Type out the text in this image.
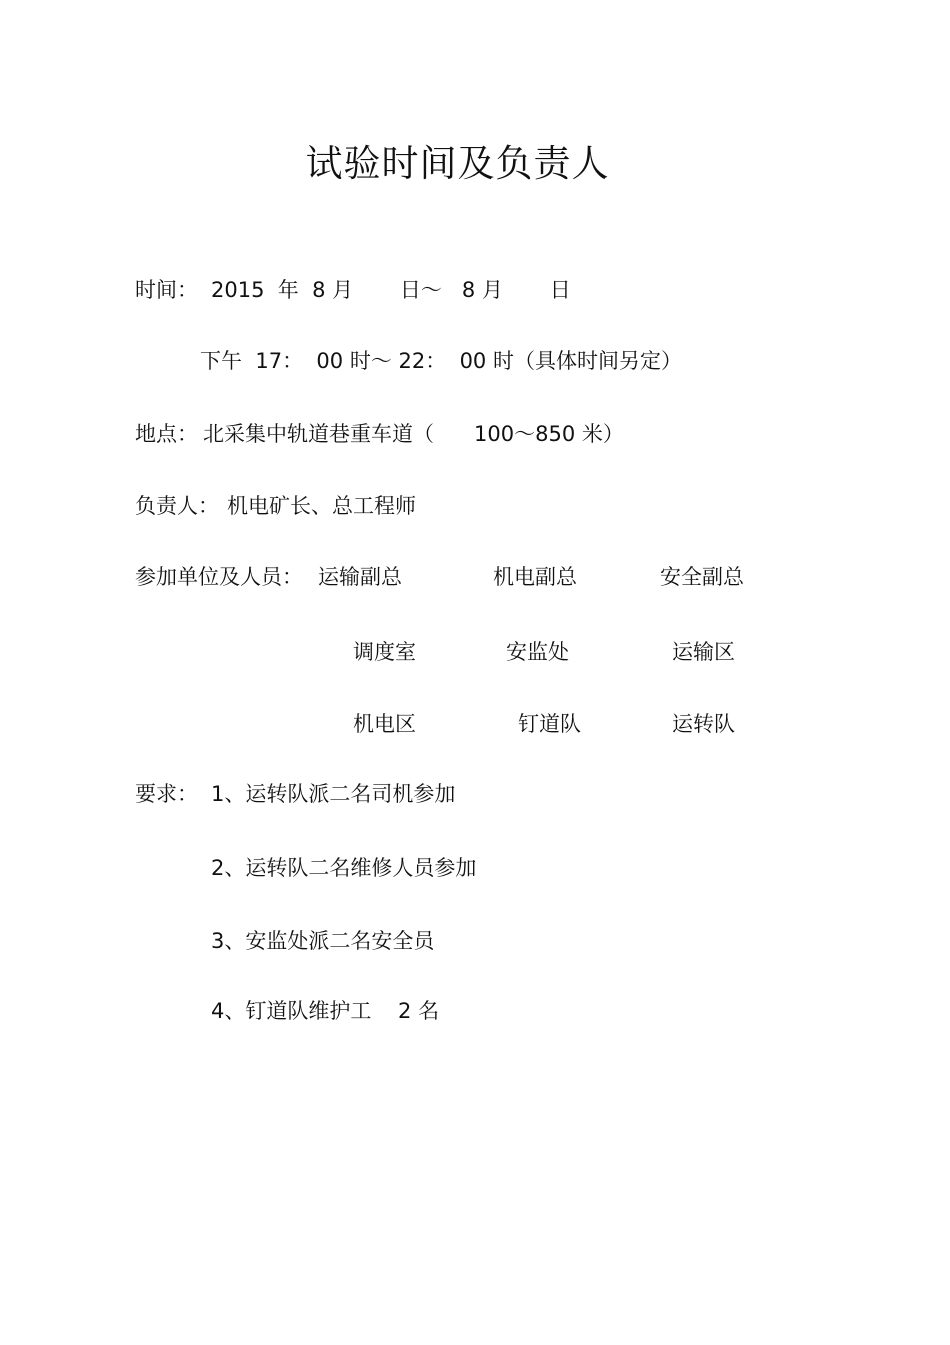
试验时间及负责人
时间： 2015  年  8 月       日～   8 月       日
下午  17：  00 时～ 22：  00 时（具体时间另定）
地点： 北采集中轨道巷重车道（      100～850 米）
负责人： 机电矿长、总工程师
参加单位及人员： 运输副总	机电副总	安全副总
调度室	安监处	运输区
机电区	钉道队	运转队
要求： 1、运转队派二名司机参加
2、运转队二名维修人员参加
3、安监处派二名安全员
4、钉道队维护工    2 名
